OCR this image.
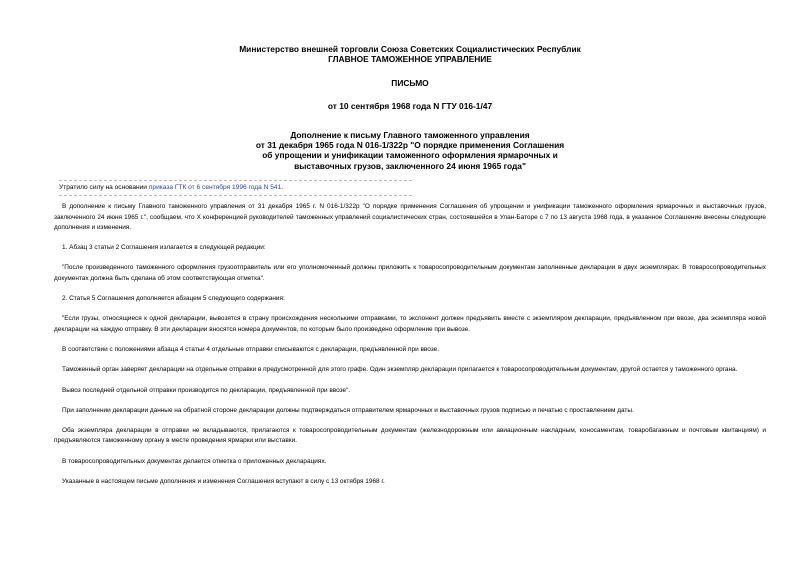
Министерство внешней торговли Союза Советских Социалистических Республик
ГЛАВНОЕ ТАМОЖЕННОЕ УПРАВЛЕНИЕ
ПИСЬМО
от 10 сентября 1968 года N ГТУ 016-1/47
Дополнение к письму Главного таможенного управления
от 31 декабря 1965 года N 016-1/322р "О порядке применения Соглашения
об упрощении и унификации таможенного оформления ярмарочных и
выставочных грузов, заключенного 24 июня 1965 года"
Утратило силу на основании приказа ГТК от 6 сентября 1996 года N 541.

В дополнение к письму Главного таможенного управления от 31 декабря 1965 г. N 016-1/322р "О порядке применения Соглашения об упрощении и унификации таможенного оформления ярмарочных и выставочных грузов, заключенного 24 июня 1965 г.", сообщаем, что X конференцией руководителей таможенных управлений социалистических стран, состоявшейся в Улан-Баторе с 7 по 13 августа 1968 года, в указанное Соглашение внесены следующие дополнения и изменения.

1. Абзац 3 статьи 2 Соглашения излагается в следующей редакции:

"После произведенного таможенного оформления грузоотправитель или его уполномоченный должны приложить к товаросопроводительным документам заполненные декларации в двух экземплярах. В товаросопроводительных документах должна быть сделана об этом соответствующая отметка".

2. Статья 5 Соглашения дополняется абзацем 5 следующего содержания:

"Если грузы, относящиеся к одной декларации, вывозятся в страну происхождения несколькими отправками, то экспонент должен предъявить вместе с экземпляром декларации, предъявленном при ввозе, два экземпляра новой декларации на каждую отправку. В эти декларации вносятся номера документов, по которым было произведено оформление при вывозе.

В соответствии с положениями абзаца 4 статьи 4 отдельные отправки списываются с декларации, предъявленной при ввозе.

Таможенный орган заверяет декларации на отдельные отправки в предусмотренной для этого графе. Один экземпляр декларации прилагается к товаросопроводительным документам, другой остается у таможенного органа.

Вывоз последней отдельной отправки производится по декларации, предъявленной при ввозе".

При заполнении декларации данные на обратной стороне декларации должны подтверждаться отправителем ярмарочных и выставочных грузов подписью и печатью с проставлением даты.

Оба экземпляра декларации в отправки не вкладываются, прилагаются к товаросопроводительным документам (железнодорожным или авиационным накладным, коносаментам, товаробагажным и почтовым квитанциям) и предъявляются таможенному органу в месте проведения ярмарки или выставки.

В товаросопроводительных документах делается отметка о приложенных декларациях.

Указанные в настоящем письме дополнения и изменения Соглашения вступают в силу с 13 октября 1968 г.
